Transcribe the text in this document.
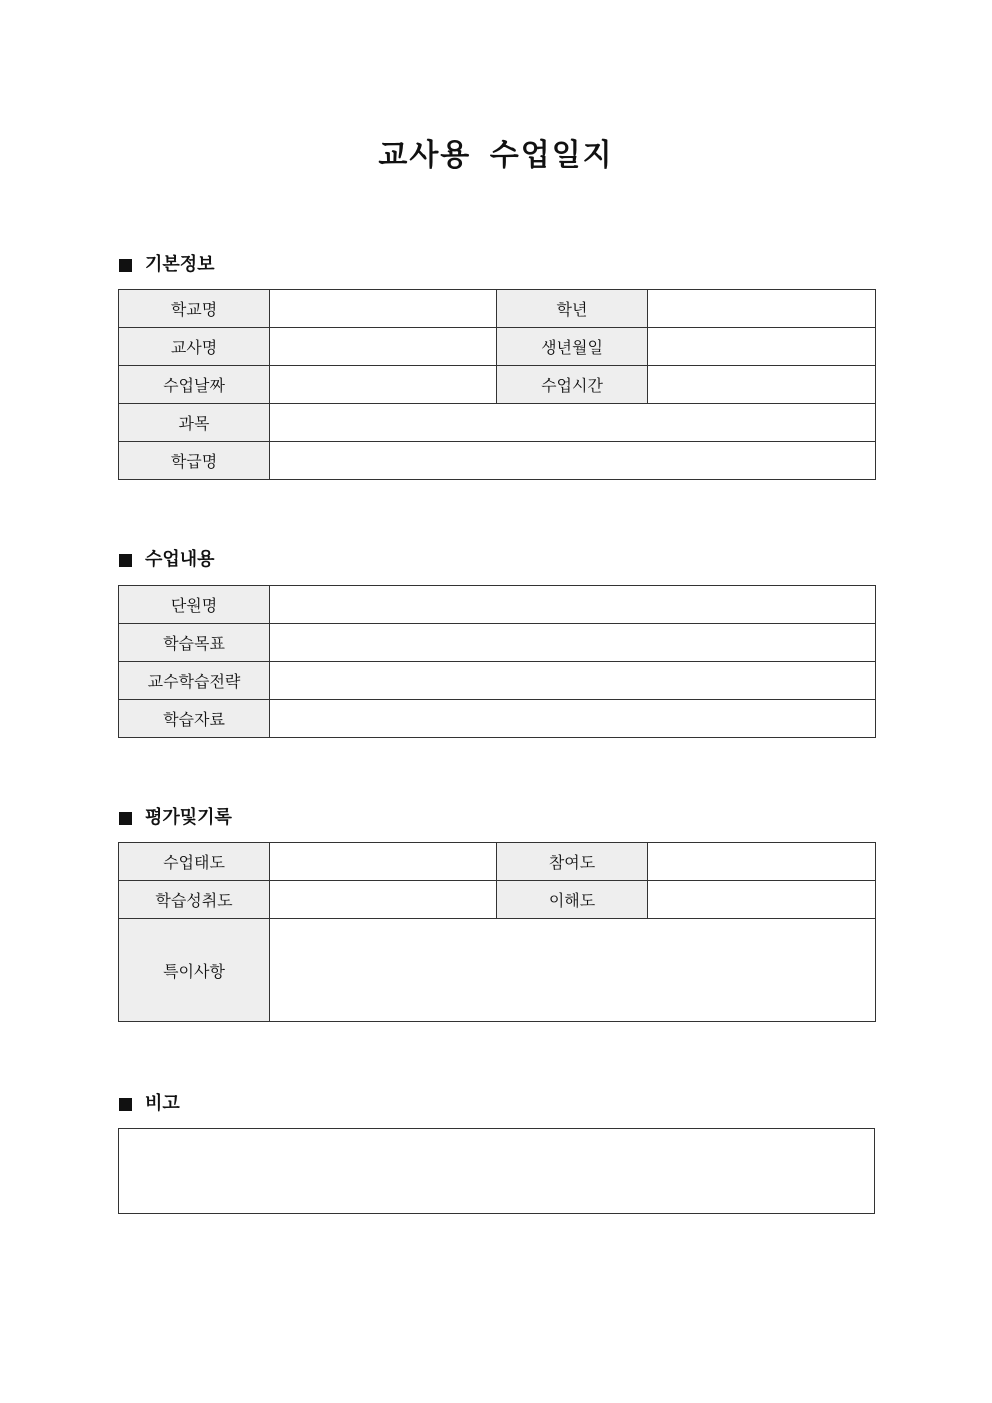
교사용 수업일지
기본정보
학교명		학년	
교사명		생년월일	
수업날짜		수업시간	
과목			
학급명			
수업내용
단원명	
학습목표	
교수학습전략	
학습자료	
평가및기록
수업태도		참여도	
학습성취도		이해도	
특이사항			
비고
